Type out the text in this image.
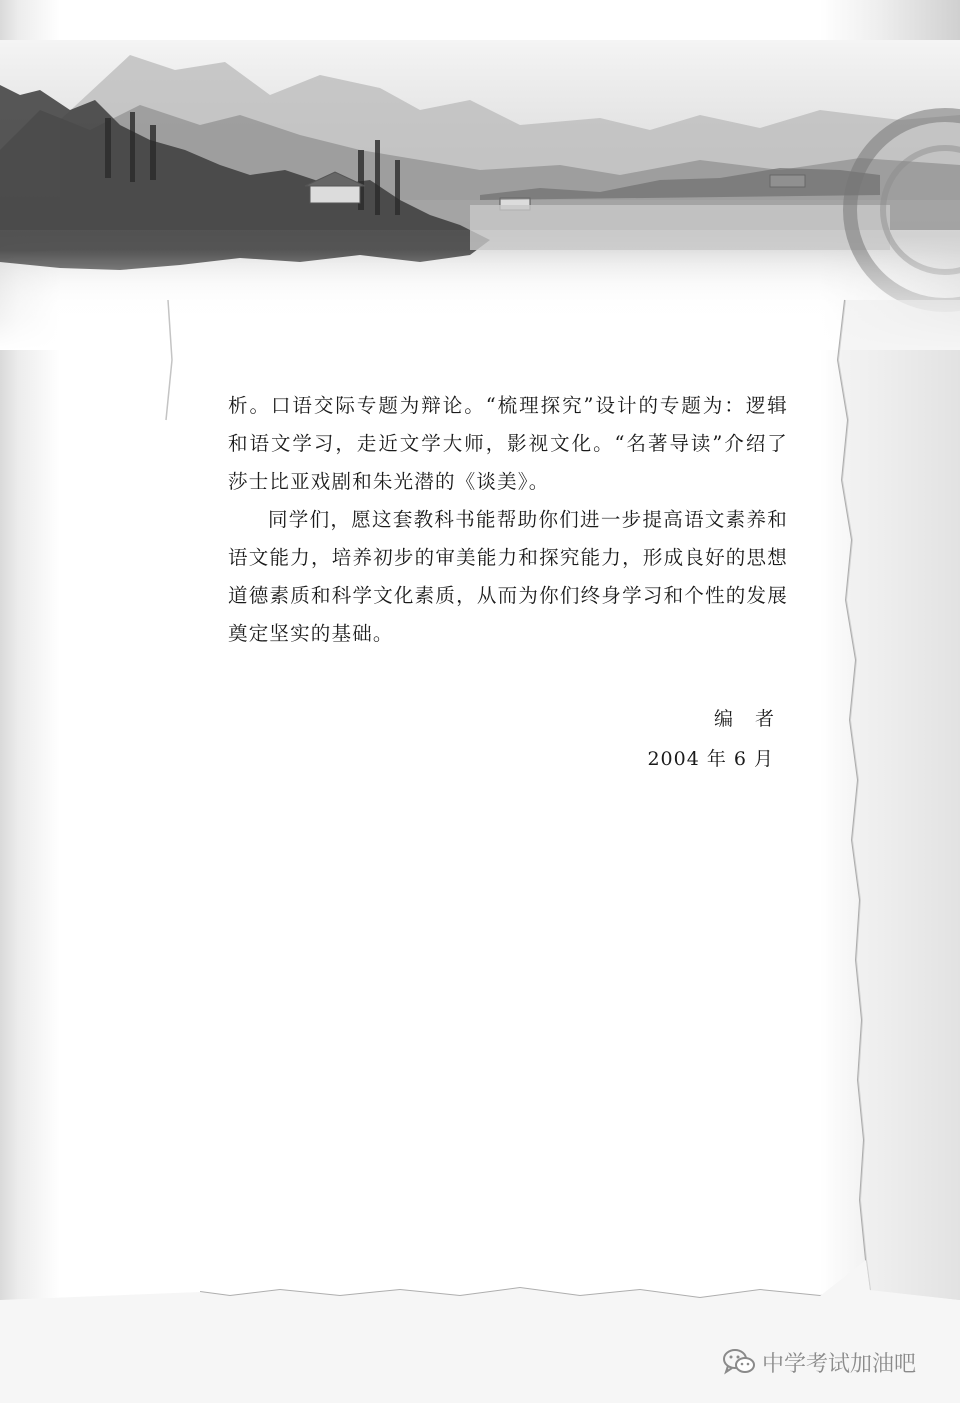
析。口语交际专题为辩论。“梳理探究”设计的专题为：逻辑和语文学习，走近文学大师，影视文化。“名著导读”介绍了莎士比亚戏剧和朱光潜的《谈美》。

同学们，愿这套教科书能帮助你们进一步提高语文素养和语文能力，培养初步的审美能力和探究能力，形成良好的思想道德素质和科学文化素质，从而为你们终身学习和个性的发展奠定坚实的基础。

编者
2004 年 6 月
中学考试加油吧
